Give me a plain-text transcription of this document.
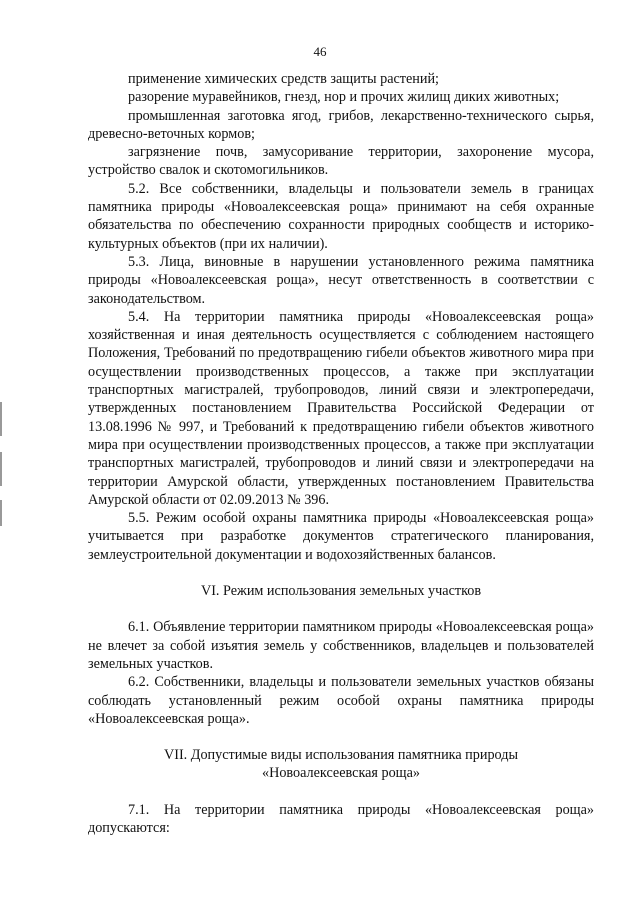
46

применение химических средств защиты растений;

разорение муравейников, гнезд, нор и прочих жилищ диких животных;

промышленная заготовка ягод, грибов, лекарственно-технического сырья, древесно-веточных кормов;

загрязнение почв, замусоривание территории, захоронение мусора, устройство свалок и скотомогильников.

5.2. Все собственники, владельцы и пользователи земель в границах памятника природы «Новоалексеевская роща» принимают на себя охранные обязательства по обеспечению сохранности природных сообществ и историко-культурных объектов (при их наличии).

5.3. Лица, виновные в нарушении установленного режима памятника природы «Новоалексеевская роща», несут ответственность в соответствии с законодательством.

5.4. На территории памятника природы «Новоалексеевская роща» хозяйственная и иная деятельность осуществляется с соблюдением настоящего Положения, Требований по предотвращению гибели объектов животного мира при осуществлении производственных процессов, а также при эксплуатации транспортных магистралей, трубопроводов, линий связи и электропередачи, утвержденных постановлением Правительства Российской Федерации от 13.08.1996 № 997, и Требований к предотвращению гибели объектов животного мира при осуществлении производственных процессов, а также при эксплуатации транспортных магистралей, трубопроводов и линий связи и электропередачи на территории Амурской области, утвержденных постановлением Правительства Амурской области от 02.09.2013 № 396.

5.5. Режим особой охраны памятника природы «Новоалексеевская роща» учитывается при разработке документов стратегического планирования, землеустроительной документации и водохозяйственных балансов.

VI. Режим использования земельных участков

6.1. Объявление территории памятником природы «Новоалексеевская роща» не влечет за собой изъятия земель у собственников, владельцев и пользователей земельных участков.

6.2. Собственники, владельцы и пользователи земельных участков обязаны соблюдать установленный режим особой охраны памятника природы «Новоалексеевская роща».

VII. Допустимые виды использования памятника природы

«Новоалексеевская роща»

7.1. На территории памятника природы «Новоалексеевская роща» допускаются:
